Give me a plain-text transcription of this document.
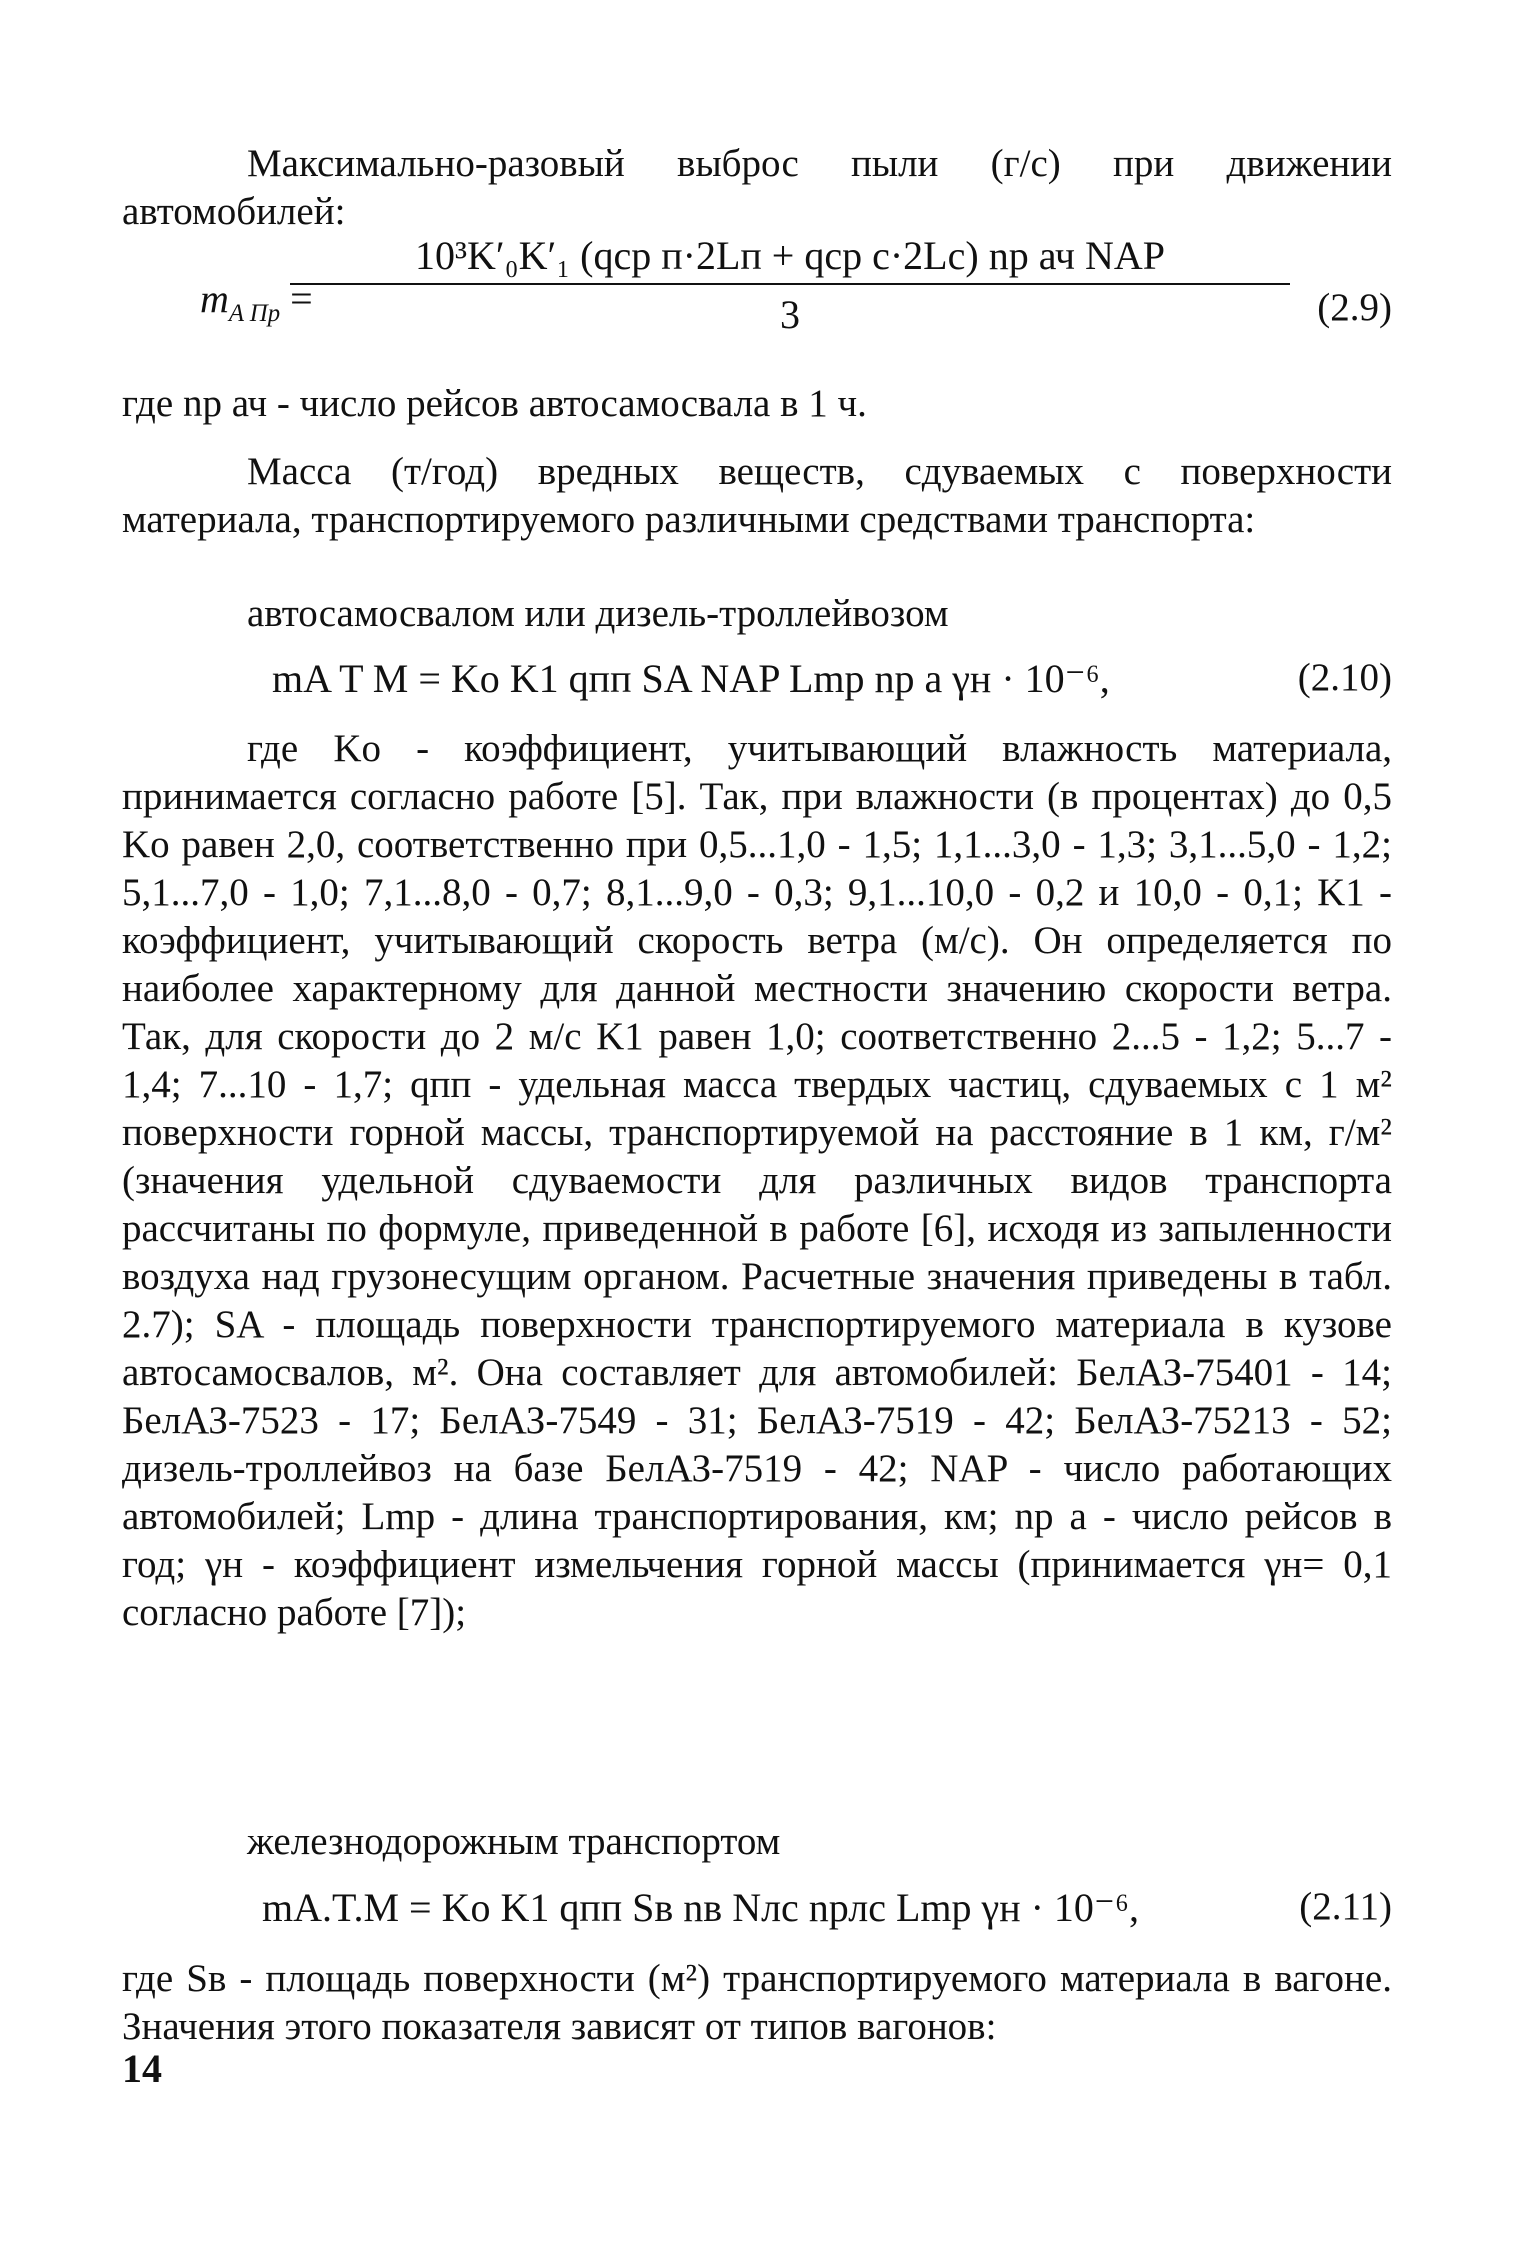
Максимально-разовый выброс пыли (г/с) при движении автомобилей:
10³K′₀K′₁ (qср п·2Lп + qср с·2Lс) nр ач NAP
3
$m_{A Пр}$ =	(2.9)
где nр ач - число рейсов автосамосвала в 1 ч.
Масса (т/год) вредных веществ, сдуваемых с поверхности материала, транспортируемого различными средствами транспорта:
автосамосвалом или дизель-троллейвозом
mA T M = Ko K1 qпп SA NAP Lmp np a γн · 10⁻⁶,	(2.10)
где Ko - коэффициент, учитывающий влажность материала, принимается согласно работе [5]. Так, при влажности (в процентах) до 0,5 Ko равен 2,0, соответственно при 0,5...1,0 - 1,5; 1,1...3,0 - 1,3; 3,1...5,0 - 1,2; 5,1...7,0 - 1,0; 7,1...8,0 - 0,7; 8,1...9,0 - 0,3; 9,1...10,0 - 0,2 и 10,0 - 0,1; K1 - коэффициент, учитывающий скорость ветра (м/с). Он определяется по наиболее характерному для данной местности значению скорости ветра. Так, для скорости до 2 м/с K1 равен 1,0; соответственно 2...5 - 1,2; 5...7 - 1,4; 7...10 - 1,7; qпп - удельная масса твердых частиц, сдуваемых с 1 м² поверхности горной массы, транспортируемой на расстояние в 1 км, г/м² (значения удельной сдуваемости для различных видов транспорта рассчитаны по формуле, приведенной в работе [6], исходя из запыленности воздуха над грузонесущим органом. Расчетные значения приведены в табл. 2.7); SA - площадь поверхности транспортируемого материала в кузове автосамосвалов, м². Она составляет для автомобилей: БелАЗ-75401 - 14; БелАЗ-7523 - 17; БелАЗ-7549 - 31; БелАЗ-7519 - 42; БелАЗ-75213 - 52; дизель-троллейвоз на базе БелАЗ-7519 - 42; NAP - число работающих автомобилей; Lmp - длина транспортирования, км; np a - число рейсов в год; γн - коэффициент измельчения горной массы (принимается γн= 0,1 согласно работе [7]);
железнодорожным транспортом
mA.T.M = Ko K1 qпп Sв nв Nлс nрлс Lmp γн · 10⁻⁶,	(2.11)
где Sв - площадь поверхности (м²) транспортируемого материала в вагоне. Значения этого показателя зависят от типов вагонов:
14
